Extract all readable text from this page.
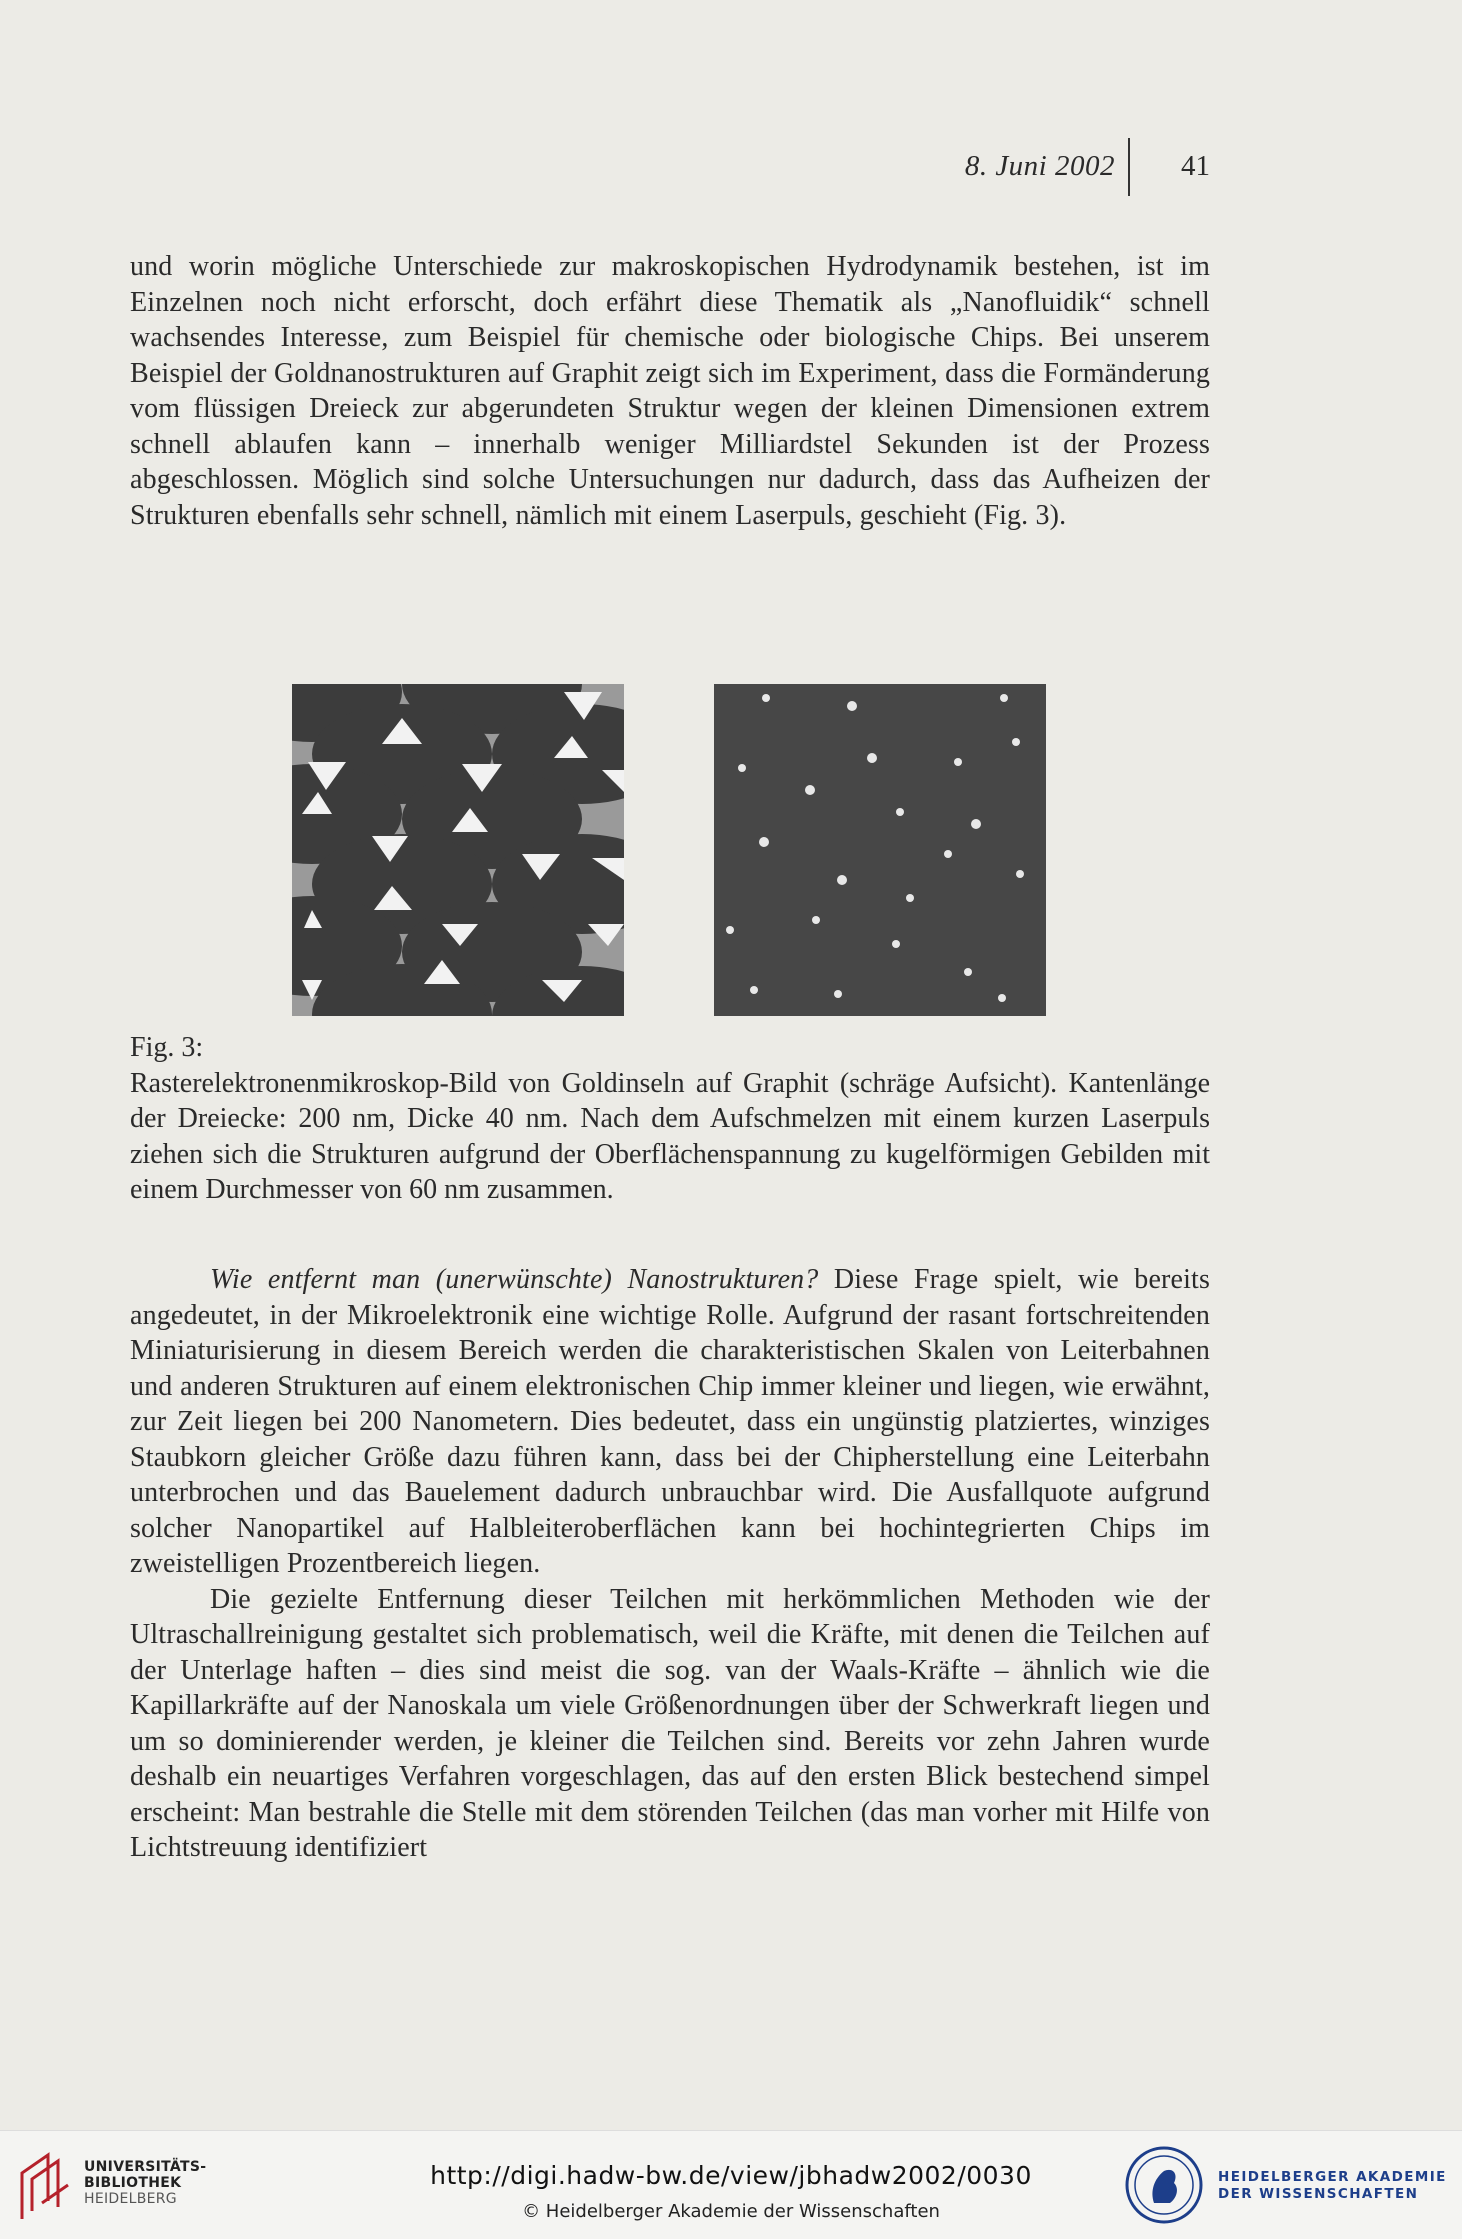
8. Juni 2002 41

und worin mögliche Unterschiede zur makroskopischen Hydrodynamik bestehen, ist im Einzelnen noch nicht erforscht, doch erfährt diese Thematik als „Nanofluidik“ schnell wachsendes Interesse, zum Beispiel für chemische oder biologische Chips. Bei unserem Beispiel der Goldnanostrukturen auf Graphit zeigt sich im Experiment, dass die Formänderung vom flüssigen Dreieck zur abgerundeten Struktur wegen der kleinen Dimensionen extrem schnell ablaufen kann – innerhalb weniger Milliardstel Sekunden ist der Prozess abgeschlossen. Möglich sind solche Untersuchungen nur dadurch, dass das Aufheizen der Strukturen ebenfalls sehr schnell, nämlich mit einem Laserpuls, geschieht (Fig. 3).

Fig. 3:

Rasterelektronenmikroskop-Bild von Goldinseln auf Graphit (schräge Aufsicht). Kantenlänge der Dreiecke: 200 nm, Dicke 40 nm. Nach dem Aufschmelzen mit einem kurzen Laserpuls ziehen sich die Strukturen aufgrund der Oberflächenspannung zu kugelförmigen Gebilden mit einem Durchmesser von 60 nm zusammen.

Wie entfernt man (unerwünschte) Nanostrukturen? Diese Frage spielt, wie bereits angedeutet, in der Mikroelektronik eine wichtige Rolle. Aufgrund der rasant fortschreitenden Miniaturisierung in diesem Bereich werden die charakteristischen Skalen von Leiterbahnen und anderen Strukturen auf einem elektronischen Chip immer kleiner und liegen, wie erwähnt, zur Zeit liegen bei 200 Nanometern. Dies bedeutet, dass ein ungünstig platziertes, winziges Staubkorn gleicher Größe dazu führen kann, dass bei der Chipherstellung eine Leiterbahn unterbrochen und das Bauelement dadurch unbrauchbar wird. Die Ausfallquote aufgrund solcher Nanopartikel auf Halbleiteroberflächen kann bei hochintegrierten Chips im zweistelligen Prozentbereich liegen.

Die gezielte Entfernung dieser Teilchen mit herkömmlichen Methoden wie der Ultraschallreinigung gestaltet sich problematisch, weil die Kräfte, mit denen die Teilchen auf der Unterlage haften – dies sind meist die sog. van der Waals-Kräfte – ähnlich wie die Kapillarkräfte auf der Nanoskala um viele Größenordnungen über der Schwerkraft liegen und um so dominierender werden, je kleiner die Teilchen sind. Bereits vor zehn Jahren wurde deshalb ein neuartiges Verfahren vorgeschlagen, das auf den ersten Blick bestechend simpel erscheint: Man bestrahle die Stelle mit dem störenden Teilchen (das man vorher mit Hilfe von Lichtstreuung identifiziert

UNIVERSITÄTS-
BIBLIOTHEK
HEIDELBERG
http://digi.hadw-bw.de/view/jbhadw2002/0030
© Heidelberger Akademie der Wissenschaften
HEIDELBERGER AKADEMIE
DER WISSENSCHAFTEN
